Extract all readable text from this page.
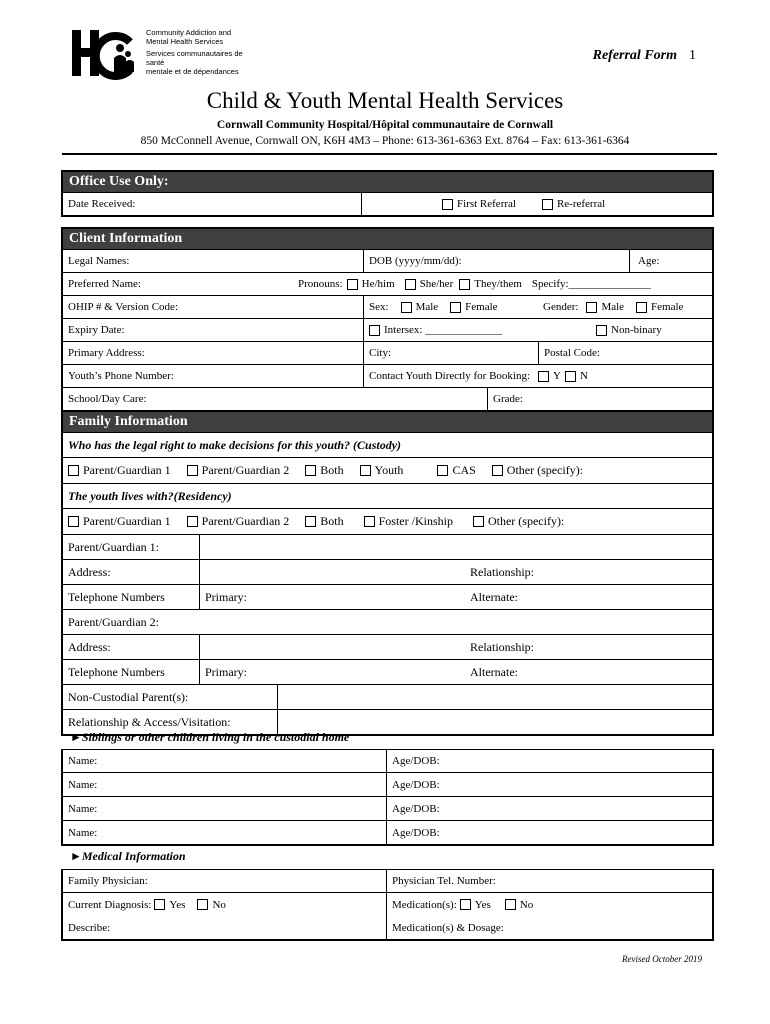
Community Addiction and
Mental Health Services
Services communautaires de santé
mentale et de dépendances
Referral Form 1
Child & Youth Mental Health Services
Cornwall Community Hospital/Hôpital communautaire de Cornwall
850 McConnell Avenue, Cornwall ON, K6H 4M3 – Phone: 613-361-6363 Ext. 8764 – Fax: 613-361-6364
Office Use Only:
Date Received:	First Referral	Re-referral
Client Information
Legal Names:	DOB (yyyy/mm/dd):	Age:
Preferred Name:	Pronouns: He/him She/her They/them Specify:_______________
OHIP # & Version Code:	Sex: Male Female	Gender: Male Female
Expiry Date:	Intersex: ______________	Non-binary
Primary Address:	City:	Postal Code:
Youth’s Phone Number:	Contact Youth Directly for Booking: Y N
School/Day Care:	Grade:
Family Information
Who has the legal right to make decisions for this youth? (Custody)
Parent/Guardian 1	Parent/Guardian 2	Both	Youth	CAS	Other (specify):
The youth lives with?(Residency)
Parent/Guardian 1	Parent/Guardian 2	Both	Foster /Kinship	Other (specify):
Parent/Guardian 1:
Address:	Relationship:
Telephone Numbers	Primary:	Alternate:
Parent/Guardian 2:
Address:	Relationship:
Telephone Numbers	Primary:	Alternate:
Non-Custodial Parent(s):
Relationship & Access/Visitation:
►Siblings or other children living in the custodial home
Name:	Age/DOB:
Name:	Age/DOB:
Name:	Age/DOB:
Name:	Age/DOB:
►Medical Information
Family Physician:	Physician Tel. Number:
Current Diagnosis: Yes No	Medication(s): Yes	No
Describe:	Medication(s) & Dosage:
Revised October 2019
